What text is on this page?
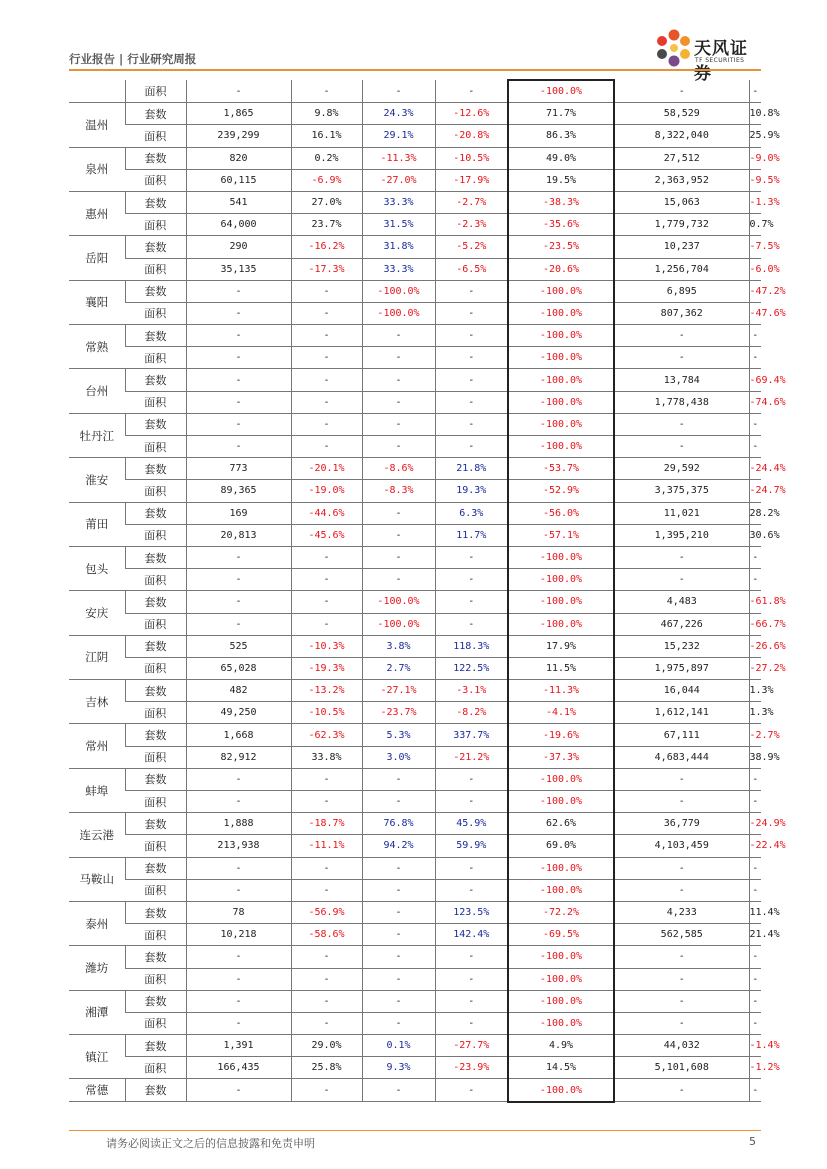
行业报告 | 行业研究周报	天风证券
TF SECURITIES
	面积	-	-	-	-	-100.0%	-	-
温州	套数	1,865	9.8%	24.3%	-12.6%	71.7%	58,529	10.8%
	面积	239,299	16.1%	29.1%	-20.8%	86.3%	8,322,040	25.9%
泉州	套数	820	0.2%	-11.3%	-10.5%	49.0%	27,512	-9.0%
	面积	60,115	-6.9%	-27.0%	-17.9%	19.5%	2,363,952	-9.5%
惠州	套数	541	27.0%	33.3%	-2.7%	-38.3%	15,063	-1.3%
	面积	64,000	23.7%	31.5%	-2.3%	-35.6%	1,779,732	0.7%
岳阳	套数	290	-16.2%	31.8%	-5.2%	-23.5%	10,237	-7.5%
	面积	35,135	-17.3%	33.3%	-6.5%	-20.6%	1,256,704	-6.0%
襄阳	套数	-	-	-100.0%	-	-100.0%	6,895	-47.2%
	面积	-	-	-100.0%	-	-100.0%	807,362	-47.6%
常熟	套数	-	-	-	-	-100.0%	-	-
	面积	-	-	-	-	-100.0%	-	-
台州	套数	-	-	-	-	-100.0%	13,784	-69.4%
	面积	-	-	-	-	-100.0%	1,778,438	-74.6%
牡丹江	套数	-	-	-	-	-100.0%	-	-
	面积	-	-	-	-	-100.0%	-	-
淮安	套数	773	-20.1%	-8.6%	21.8%	-53.7%	29,592	-24.4%
	面积	89,365	-19.0%	-8.3%	19.3%	-52.9%	3,375,375	-24.7%
莆田	套数	169	-44.6%	-	6.3%	-56.0%	11,021	28.2%
	面积	20,813	-45.6%	-	11.7%	-57.1%	1,395,210	30.6%
包头	套数	-	-	-	-	-100.0%	-	-
	面积	-	-	-	-	-100.0%	-	-
安庆	套数	-	-	-100.0%	-	-100.0%	4,483	-61.8%
	面积	-	-	-100.0%	-	-100.0%	467,226	-66.7%
江阴	套数	525	-10.3%	3.8%	118.3%	17.9%	15,232	-26.6%
	面积	65,028	-19.3%	2.7%	122.5%	11.5%	1,975,897	-27.2%
吉林	套数	482	-13.2%	-27.1%	-3.1%	-11.3%	16,044	1.3%
	面积	49,250	-10.5%	-23.7%	-8.2%	-4.1%	1,612,141	1.3%
常州	套数	1,668	-62.3%	5.3%	337.7%	-19.6%	67,111	-2.7%
	面积	82,912	33.8%	3.0%	-21.2%	-37.3%	4,683,444	38.9%
蚌埠	套数	-	-	-	-	-100.0%	-	-
	面积	-	-	-	-	-100.0%	-	-
连云港	套数	1,888	-18.7%	76.8%	45.9%	62.6%	36,779	-24.9%
	面积	213,938	-11.1%	94.2%	59.9%	69.0%	4,103,459	-22.4%
马鞍山	套数	-	-	-	-	-100.0%	-	-
	面积	-	-	-	-	-100.0%	-	-
泰州	套数	78	-56.9%	-	123.5%	-72.2%	4,233	11.4%
	面积	10,218	-58.6%	-	142.4%	-69.5%	562,585	21.4%
潍坊	套数	-	-	-	-	-100.0%	-	-
	面积	-	-	-	-	-100.0%	-	-
湘潭	套数	-	-	-	-	-100.0%	-	-
	面积	-	-	-	-	-100.0%	-	-
镇江	套数	1,391	29.0%	0.1%	-27.7%	4.9%	44,032	-1.4%
	面积	166,435	25.8%	9.3%	-23.9%	14.5%	5,101,608	-1.2%
常德	套数	-	-	-	-	-100.0%	-	-
请务必阅读正文之后的信息披露和免责申明	5
